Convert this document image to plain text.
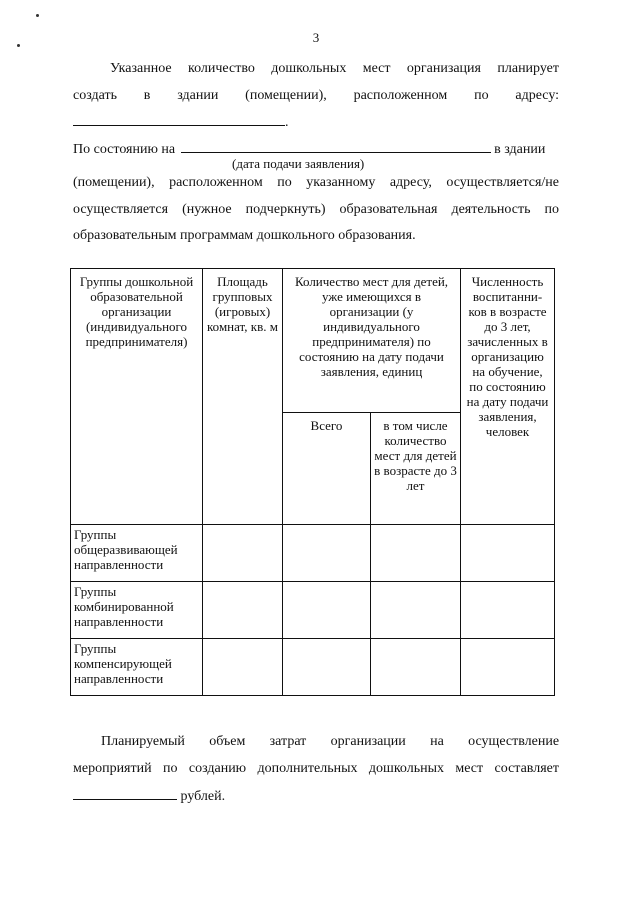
3
Указанное количество дошкольных мест организация планирует
создать в здании (помещении), расположенном по адресу:
.
По состоянию на	в здании
(дата подачи заявления)
(помещении), расположенном по указанному адресу, осуществляется/не
осуществляется (нужное подчеркнуть) образовательная деятельность по
образовательным программам дошкольного образования.
Группы дошкольной образовательной организации (индивидуального предпринимателя)	Площадь групповых (игровых) комнат, кв. м	Количество мест для детей, уже имеющихся в организации (у индивидуального предпринимателя) по состоянию на дату подачи заявления, единиц		Численность воспитанни-ков в возрасте до 3 лет, зачисленных в организацию на обучение, по состоянию на дату подачи заявления, человек
		Всего	в том числе количество мест для детей в возрасте до 3 лет	
Группы общеразвивающей направленности				
Группы комбинированной направленности				
Группы компенсирующей направленности				
Планируемый объем затрат организации на осуществление
мероприятий по созданию дополнительных дошкольных мест составляет
рублей.
